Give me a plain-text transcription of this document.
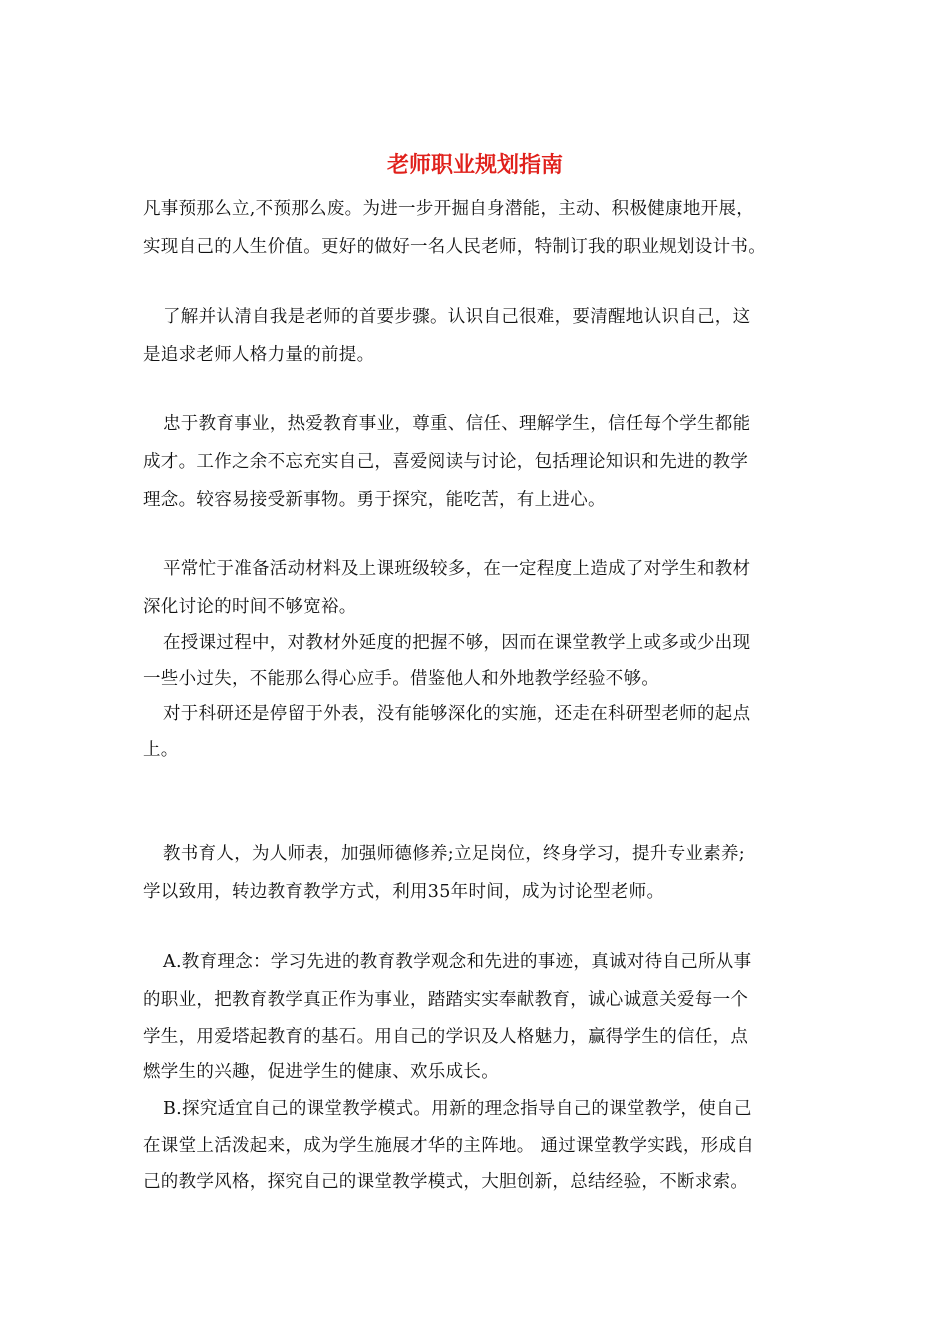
老师职业规划指南
凡事预那么立,不预那么废。为进一步开掘自身潜能，主动、积极健康地开展，
实现自己的人生价值。更好的做好一名人民老师，特制订我的职业规划设计书。
了解并认清自我是老师的首要步骤。认识自己很难，要清醒地认识自己，这
是追求老师人格力量的前提。
忠于教育事业，热爱教育事业，尊重、信任、理解学生，信任每个学生都能
成才。工作之余不忘充实自己，喜爱阅读与讨论，包括理论知识和先进的教学
理念。较容易接受新事物。勇于探究，能吃苦，有上进心。
平常忙于准备活动材料及上课班级较多，在一定程度上造成了对学生和教材
深化讨论的时间不够宽裕。
在授课过程中，对教材外延度的把握不够，因而在课堂教学上或多或少出现
一些小过失，不能那么得心应手。借鉴他人和外地教学经验不够。
对于科研还是停留于外表，没有能够深化的实施，还走在科研型老师的起点
上。
教书育人，为人师表，加强师德修养;立足岗位，终身学习，提升专业素养;
学以致用，转边教育教学方式，利用35年时间，成为讨论型老师。
A.教育理念：学习先进的教育教学观念和先进的事迹，真诚对待自己所从事
的职业，把教育教学真正作为事业，踏踏实实奉献教育，诚心诚意关爱每一个
学生，用爱塔起教育的基石。用自己的学识及人格魅力，赢得学生的信任，点
燃学生的兴趣，促进学生的健康、欢乐成长。
B.探究适宜自己的课堂教学模式。用新的理念指导自己的课堂教学，使自己
在课堂上活泼起来，成为学生施展才华的主阵地。 通过课堂教学实践，形成自
己的教学风格，探究自己的课堂教学模式，大胆创新，总结经验，不断求索。
